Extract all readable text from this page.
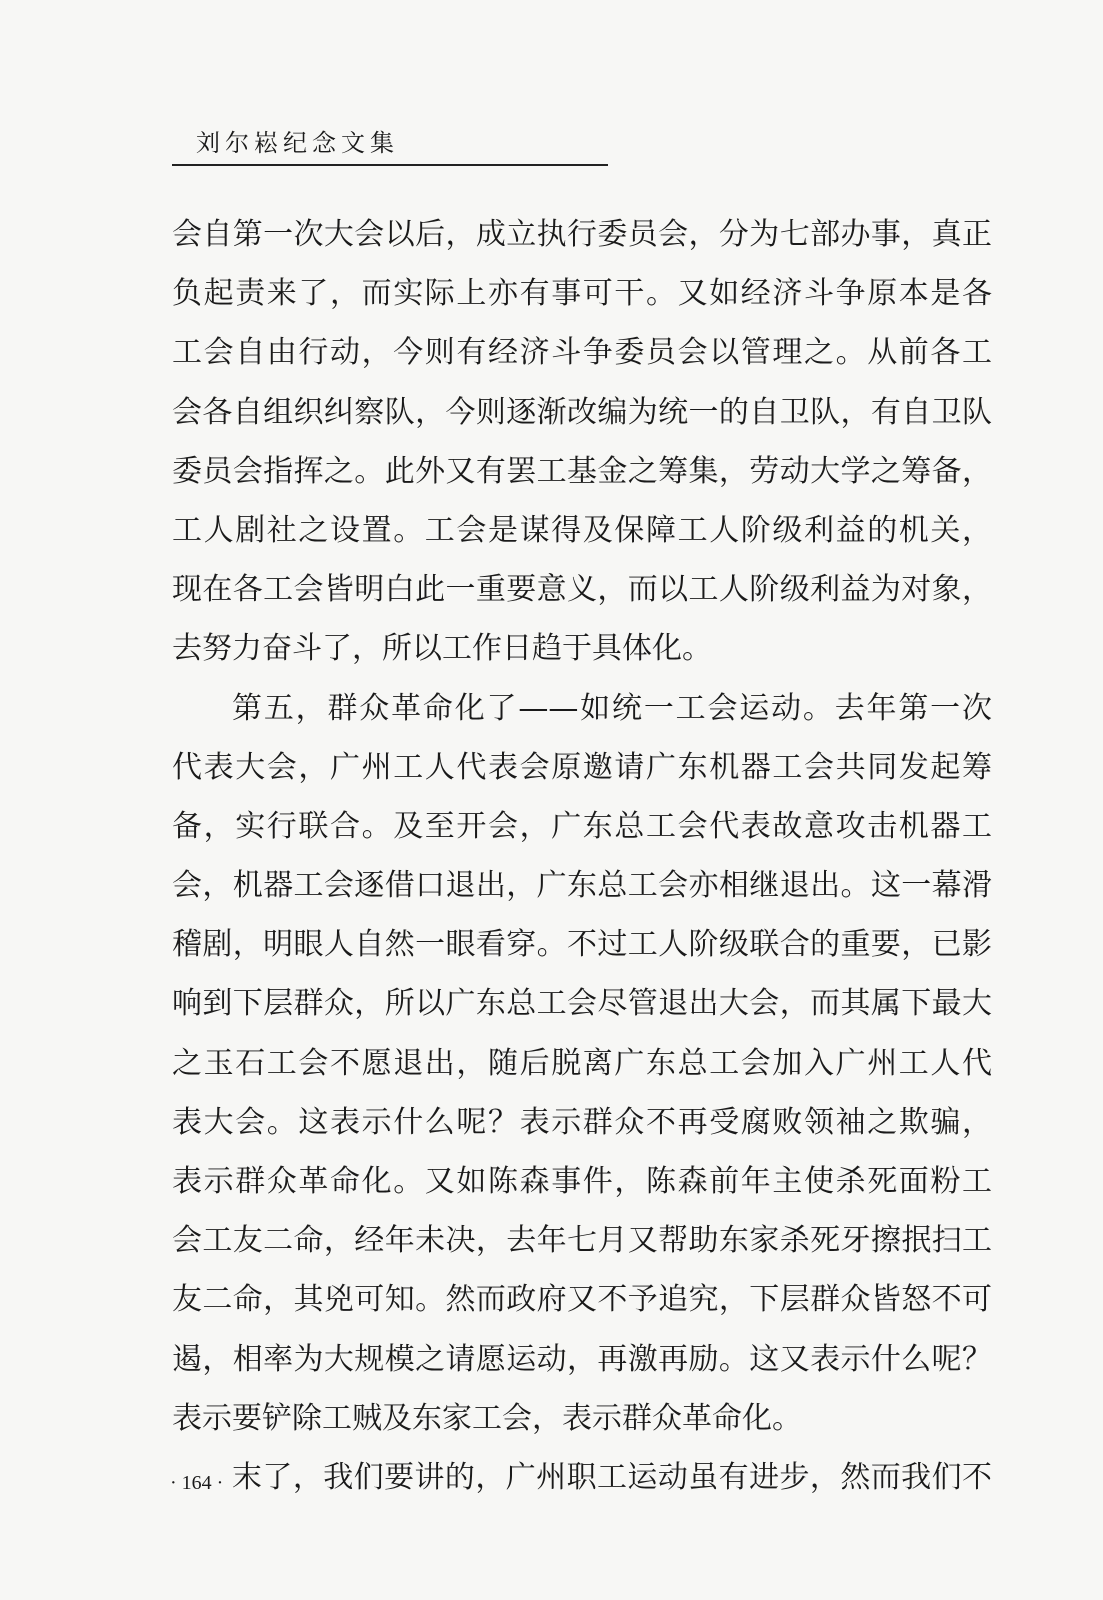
刘尔崧纪念文集
会自第一次大会以后，成立执行委员会，分为七部办事，真正
负起责来了，而实际上亦有事可干。又如经济斗争原本是各
工会自由行动，今则有经济斗争委员会以管理之。从前各工
会各自组织纠察队，今则逐渐改编为统一的自卫队，有自卫队
委员会指挥之。此外又有罢工基金之筹集，劳动大学之筹备，
工人剧社之设置。工会是谋得及保障工人阶级利益的机关，
现在各工会皆明白此一重要意义，而以工人阶级利益为对象，
去努力奋斗了，所以工作日趋于具体化。
第五，群众革命化了——如统一工会运动。去年第一次
代表大会，广州工人代表会原邀请广东机器工会共同发起筹
备，实行联合。及至开会，广东总工会代表故意攻击机器工
会，机器工会逐借口退出，广东总工会亦相继退出。这一幕滑
稽剧，明眼人自然一眼看穿。不过工人阶级联合的重要，已影
响到下层群众，所以广东总工会尽管退出大会，而其属下最大
之玉石工会不愿退出，随后脱离广东总工会加入广州工人代
表大会。这表示什么呢？表示群众不再受腐败领袖之欺骗，
表示群众革命化。又如陈森事件，陈森前年主使杀死面粉工
会工友二命，经年未决，去年七月又帮助东家杀死牙擦抿扫工
友二命，其兇可知。然而政府又不予追究，下层群众皆怒不可
遏，相率为大规模之请愿运动，再激再励。这又表示什么呢？
表示要铲除工贼及东家工会，表示群众革命化。
末了，我们要讲的，广州职工运动虽有进步，然而我们不
· 164 ·
